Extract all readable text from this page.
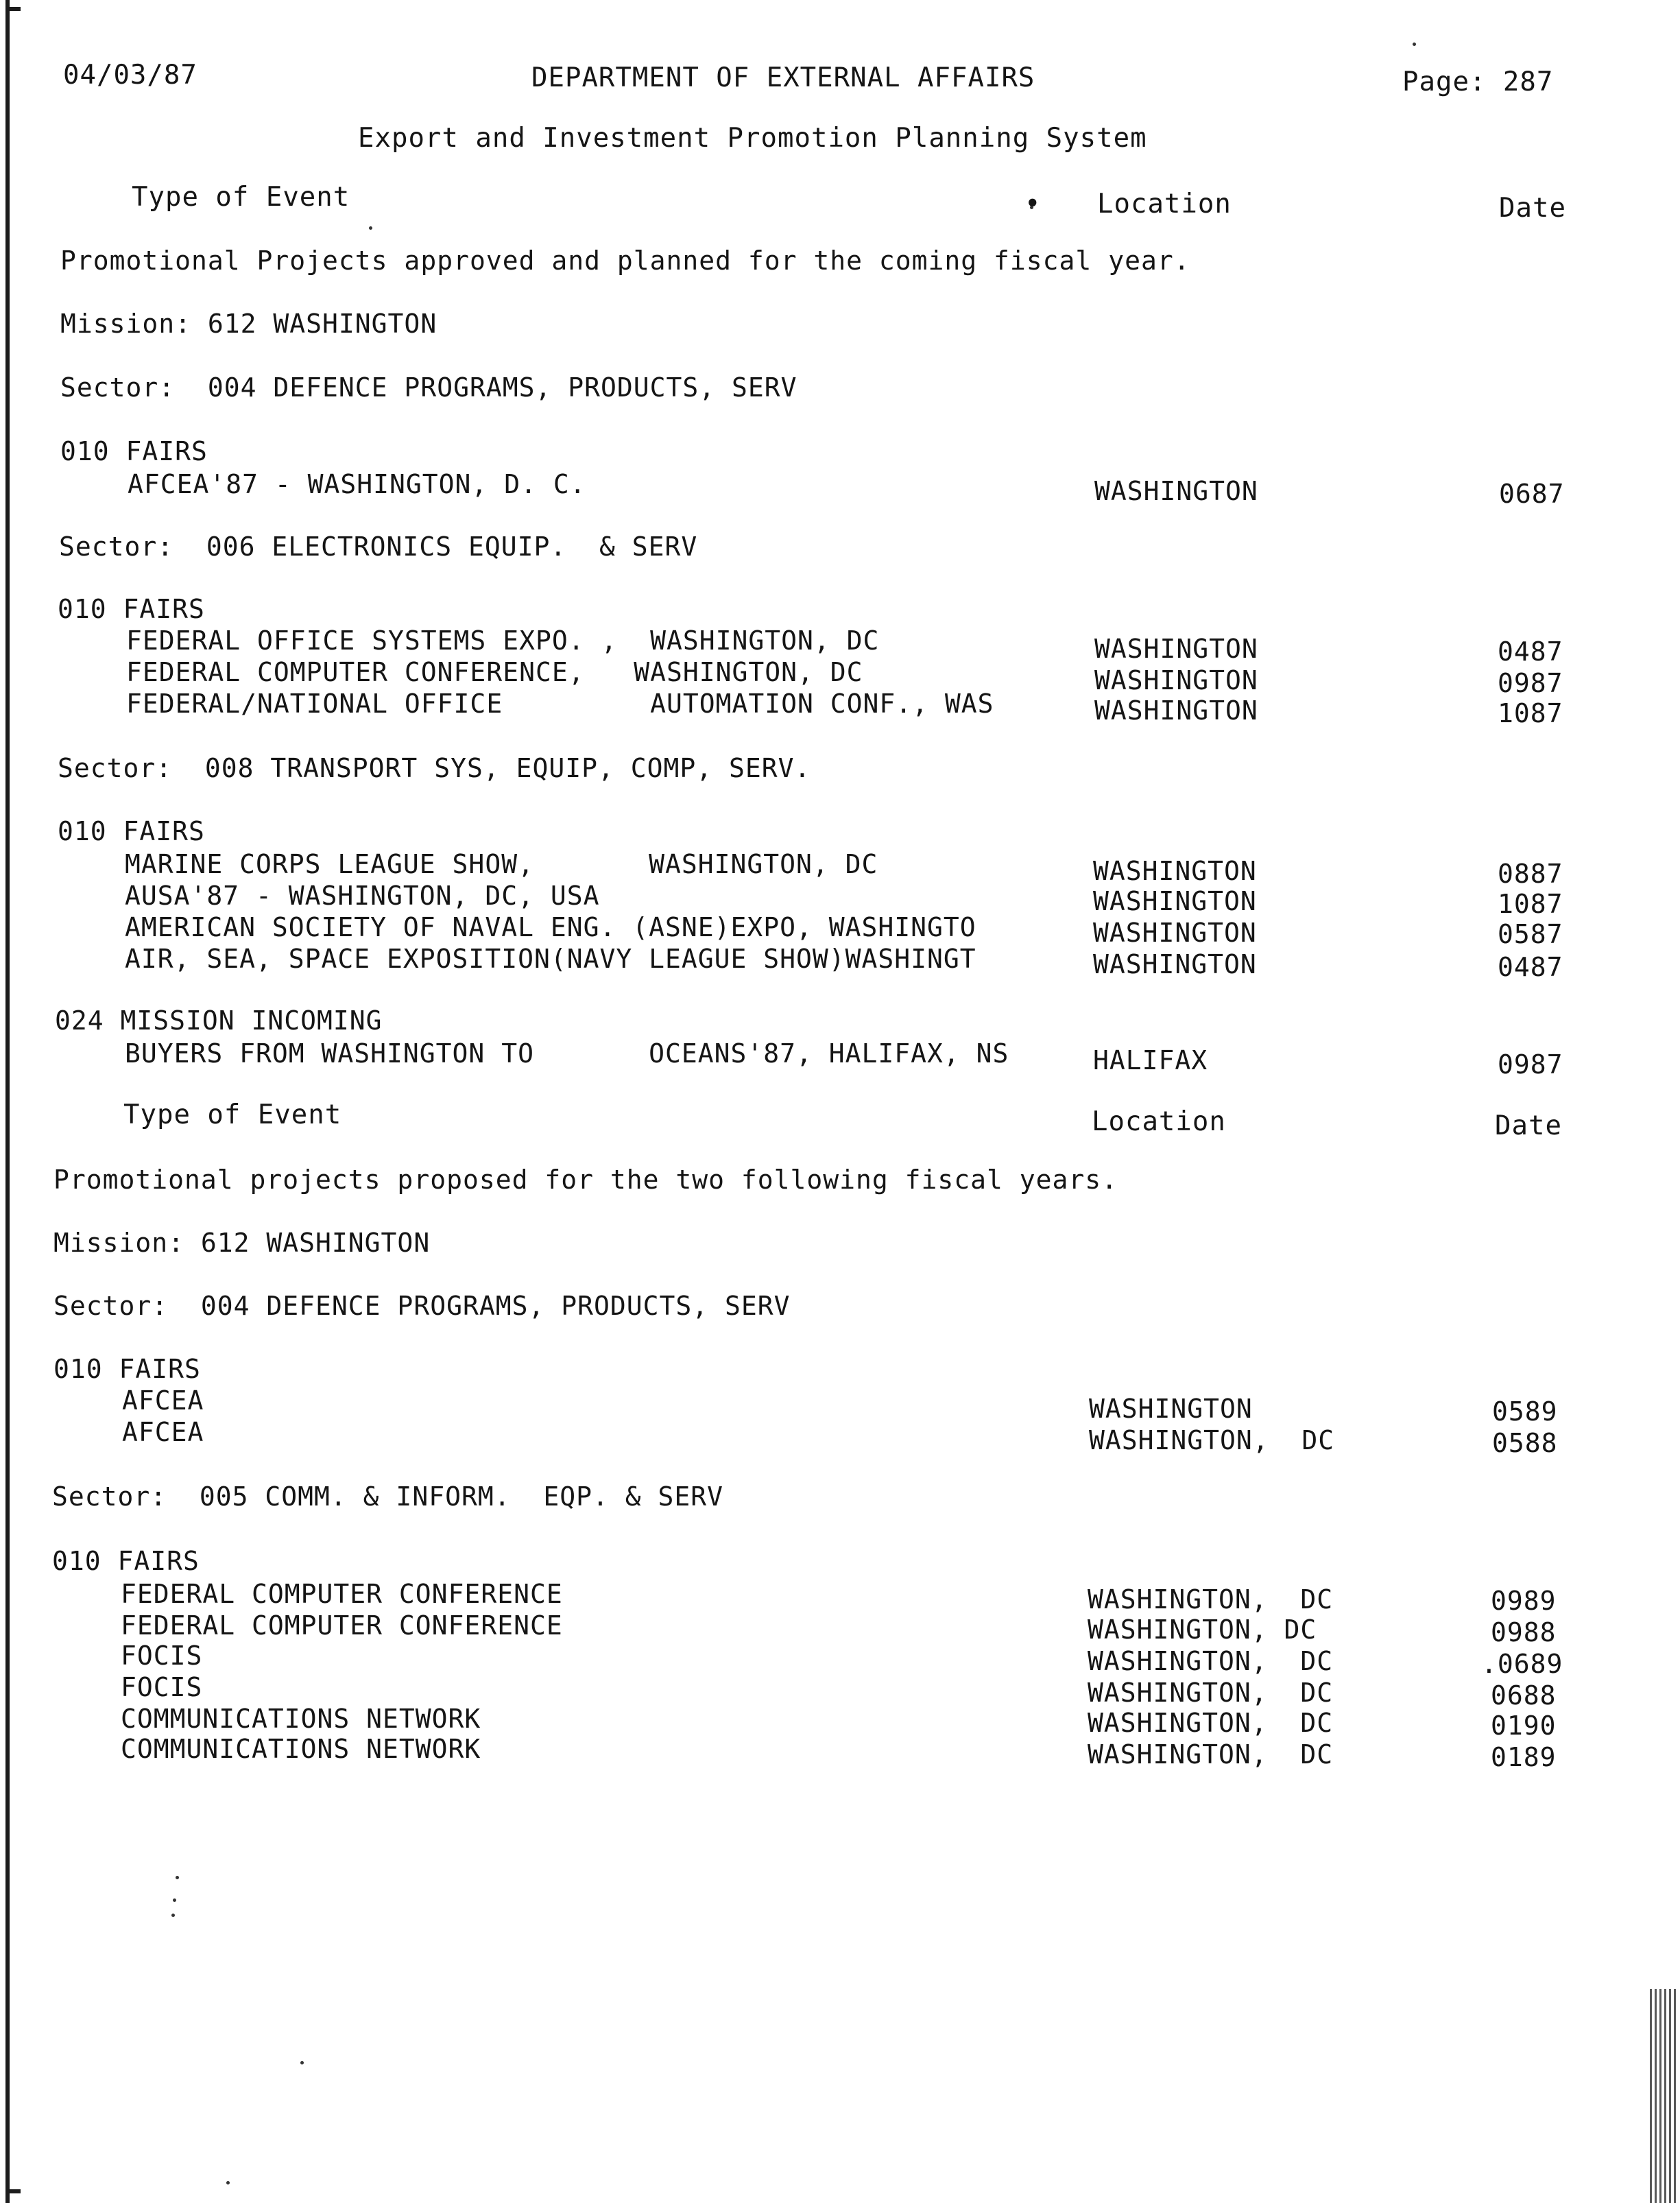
04/03/87	DEPARTMENT OF EXTERNAL AFFAIRS	Page: 287
Export and Investment Promotion Planning System
Type of Event	• Location	Date
Promotional Projects approved and planned for the coming fiscal year.
Mission: 612 WASHINGTON
Sector:  004 DEFENCE PROGRAMS, PRODUCTS, SERV
010 FAIRS
AFCEA'87 - WASHINGTON, D. C.	WASHINGTON	0687
Sector:  006 ELECTRONICS EQUIP.  & SERV
010 FAIRS
FEDERAL OFFICE SYSTEMS EXPO. ,  WASHINGTON, DC	WASHINGTON	0487
FEDERAL COMPUTER CONFERENCE,   WASHINGTON, DC	WASHINGTON	0987
FEDERAL/NATIONAL OFFICE         AUTOMATION CONF., WAS	WASHINGTON	1087
Sector:  008 TRANSPORT SYS, EQUIP, COMP, SERV.
010 FAIRS
MARINE CORPS LEAGUE SHOW,       WASHINGTON, DC	WASHINGTON	0887
AUSA'87 - WASHINGTON, DC, USA	WASHINGTON	1087
AMERICAN SOCIETY OF NAVAL ENG. (ASNE)EXPO, WASHINGTO	WASHINGTON	0587
AIR, SEA, SPACE EXPOSITION(NAVY LEAGUE SHOW)WASHINGT	WASHINGTON	0487
024 MISSION INCOMING
BUYERS FROM WASHINGTON TO       OCEANS'87, HALIFAX, NS	HALIFAX	0987
Type of Event	Location	Date
Promotional projects proposed for the two following fiscal years.
Mission: 612 WASHINGTON
Sector:  004 DEFENCE PROGRAMS, PRODUCTS, SERV
010 FAIRS
AFCEA	WASHINGTON	0589
AFCEA	WASHINGTON,  DC	0588
Sector:  005 COMM. & INFORM.  EQP. & SERV
010 FAIRS
FEDERAL COMPUTER CONFERENCE	WASHINGTON,  DC	0989
FEDERAL COMPUTER CONFERENCE	WASHINGTON, DC	0988
FOCIS	WASHINGTON,  DC	.0689
FOCIS	WASHINGTON,  DC	0688
COMMUNICATIONS NETWORK	WASHINGTON,  DC	0190
COMMUNICATIONS NETWORK	WASHINGTON,  DC	0189
